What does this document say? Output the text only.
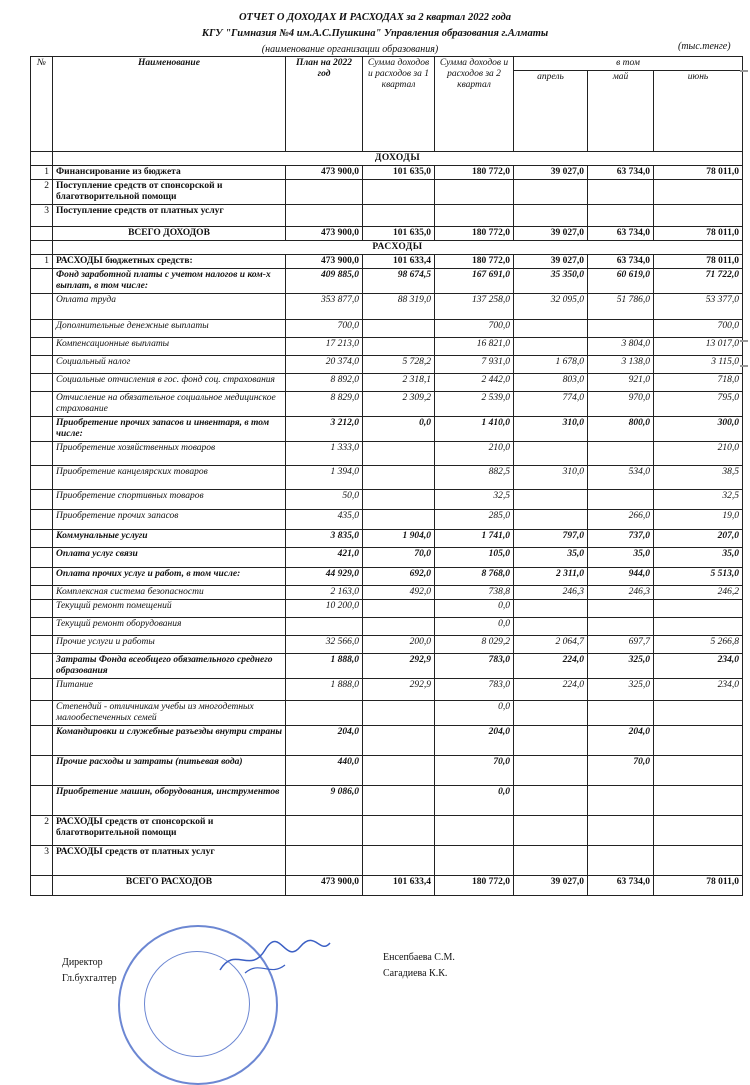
ОТЧЕТ О ДОХОДАХ И РАСХОДАХ за 2 квартал 2022 года
КГУ "Гимназия №4 им.А.С.Пушкина" Управления образования г.Алматы
(наименование организации образования)	(тыс.тенге)
№	Наименование	План на 2022 год	Сумма доходов и расходов за 1 квартал	Сумма доходов и расходов за 2 квартал	в том		
					апрель	май	июнь
	ДОХОДЫ						
1	Финансирование из бюджета	473 900,0	101 635,0	180 772,0	39 027,0	63 734,0	78 011,0
2	Поступление средств от спонсорской и благотворительной помощи						
3	Поступление средств от платных услуг						
	ВСЕГО ДОХОДОВ	473 900,0	101 635,0	180 772,0	39 027,0	63 734,0	78 011,0
	РАСХОДЫ						
1	РАСХОДЫ бюджетных средств:	473 900,0	101 633,4	180 772,0	39 027,0	63 734,0	78 011,0
	Фонд заработной платы с учетом налогов и ком-х выплат, в том числе:	409 885,0	98 674,5	167 691,0	35 350,0	60 619,0	71 722,0
	Оплата труда	353 877,0	88 319,0	137 258,0	32 095,0	51 786,0	53 377,0
	Дополнительные денежные выплаты	700,0		700,0			700,0
	Компенсационные выплаты	17 213,0		16 821,0		3 804,0	13 017,0
	Социальный налог	20 374,0	5 728,2	7 931,0	1 678,0	3 138,0	3 115,0
	Социальные отчисления в гос. фонд соц. страхования	8 892,0	2 318,1	2 442,0	803,0	921,0	718,0
	Отчисление на обязательное социальное медицинское страхование	8 829,0	2 309,2	2 539,0	774,0	970,0	795,0
	Приобретение прочих запасов и инвентаря, в том числе:	3 212,0	0,0	1 410,0	310,0	800,0	300,0
	Приобретение хозяйственных товаров	1 333,0		210,0			210,0
	Приобретение канцелярских товаров	1 394,0		882,5	310,0	534,0	38,5
	Приобретение спортивных товаров	50,0		32,5			32,5
	Приобретение прочих запасов	435,0		285,0		266,0	19,0
	Коммунальные услуги	3 835,0	1 904,0	1 741,0	797,0	737,0	207,0
	Оплата услуг связи	421,0	70,0	105,0	35,0	35,0	35,0
	Оплата прочих услуг и работ, в том числе:	44 929,0	692,0	8 768,0	2 311,0	944,0	5 513,0
	Комплексная система безопасности	2 163,0	492,0	738,8	246,3	246,3	246,2
	Текущий ремонт помещений	10 200,0		0,0			
	Текущий ремонт оборудования			0,0			
	Прочие услуги и работы	32 566,0	200,0	8 029,2	2 064,7	697,7	5 266,8
	Затраты Фонда всеобщего обязательного среднего образования	1 888,0	292,9	783,0	224,0	325,0	234,0
	Питание	1 888,0	292,9	783,0	224,0	325,0	234,0
	Степендий - отличникам учебы из многодетных малообеспеченных семей			0,0			
	Командировки и служебные разъезды внутри страны	204,0		204,0		204,0	
	Прочие расходы и затраты (питьевая вода)	440,0		70,0		70,0	
	Приобретение машин, оборудования, инструментов	9 086,0		0,0			
2	РАСХОДЫ средств от спонсорской и благотворительной помощи						
3	РАСХОДЫ средств от платных услуг						
	ВСЕГО РАСХОДОВ	473 900,0	101 633,4	180 772,0	39 027,0	63 734,0	78 011,0
Директор
Гл.бухгалтер
Енсепбаева С.М.
Сагадиева К.К.
